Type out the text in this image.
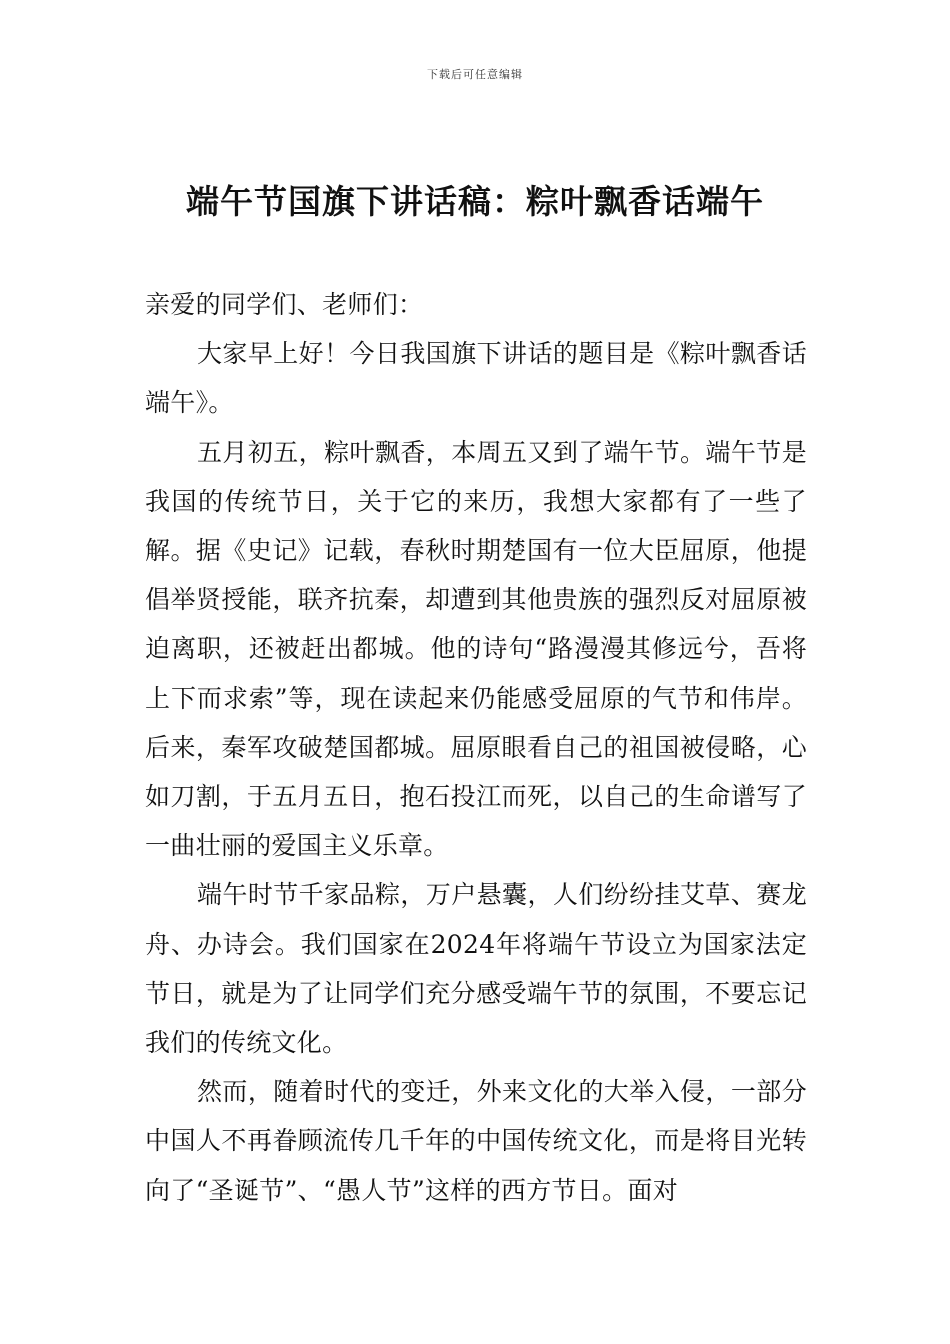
下载后可任意编辑
端午节国旗下讲话稿：粽叶飘香话端午

亲爱的同学们、老师们：

大家早上好！今日我国旗下讲话的题目是《粽叶飘香话端午》。

五月初五，粽叶飘香，本周五又到了端午节。端午节是我国的传统节日，关于它的来历，我想大家都有了一些了解。据《史记》记载，春秋时期楚国有一位大臣屈原，他提倡举贤授能，联齐抗秦，却遭到其他贵族的强烈反对屈原被迫离职，还被赶出都城。他的诗句“路漫漫其修远兮，吾将上下而求索”等，现在读起来仍能感受屈原的气节和伟岸。后来，秦军攻破楚国都城。屈原眼看自己的祖国被侵略，心如刀割，于五月五日，抱石投江而死，以自己的生命谱写了一曲壮丽的爱国主义乐章。

端午时节千家品粽，万户悬囊，人们纷纷挂艾草、赛龙舟、办诗会。我们国家在2024年将端午节设立为国家法定节日，就是为了让同学们充分感受端午节的氛围，不要忘记我们的传统文化。

然而，随着时代的变迁，外来文化的大举入侵，一部分中国人不再眷顾流传几千年的中国传统文化，而是将目光转向了“圣诞节”、“愚人节”这样的西方节日。面对
